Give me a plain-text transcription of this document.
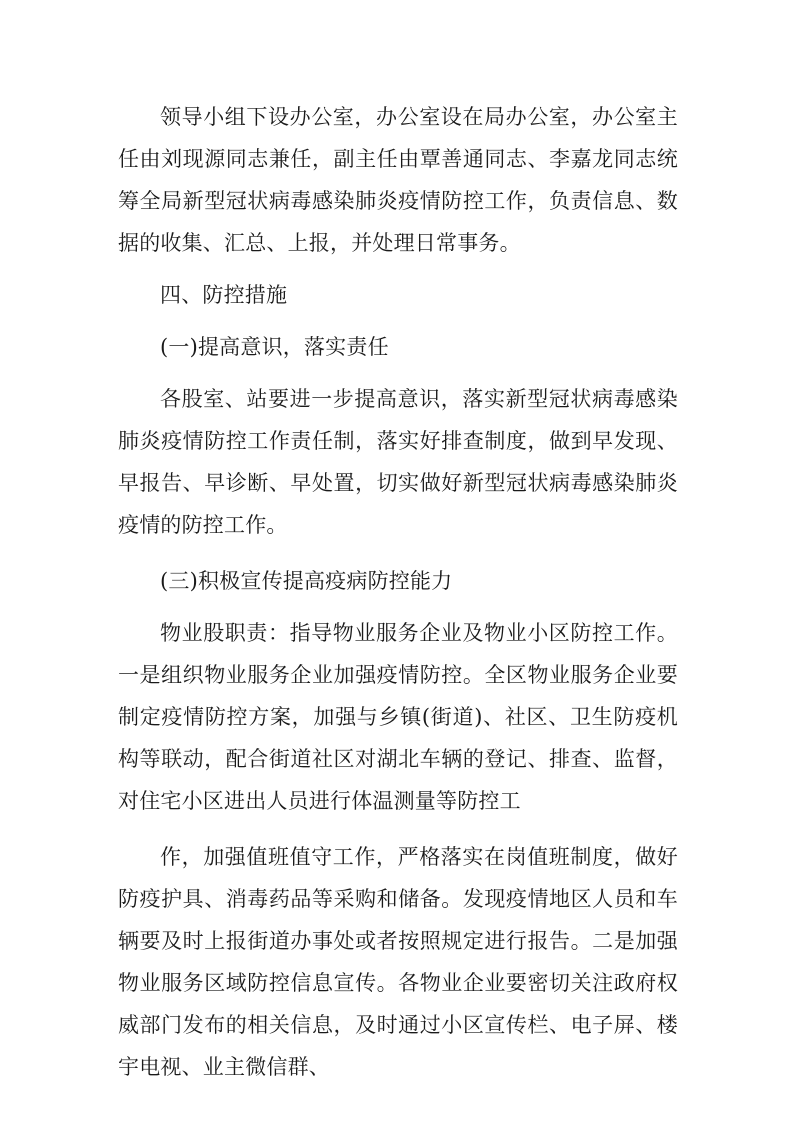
领导小组下设办公室，办公室设在局办公室，办公室主任由刘现源同志兼任，副主任由覃善通同志、李嘉龙同志统筹全局新型冠状病毒感染肺炎疫情防控工作，负责信息、数据的收集、汇总、上报，并处理日常事务。

四、防控措施

(一)提高意识，落实责任

各股室、站要进一步提高意识，落实新型冠状病毒感染肺炎疫情防控工作责任制，落实好排查制度，做到早发现、早报告、早诊断、早处置，切实做好新型冠状病毒感染肺炎疫情的防控工作。

(三)积极宣传提高疫病防控能力

物业股职责：指导物业服务企业及物业小区防控工作。一是组织物业服务企业加强疫情防控。全区物业服务企业要制定疫情防控方案，加强与乡镇(街道)、社区、卫生防疫机构等联动，配合街道社区对湖北车辆的登记、排查、监督，对住宅小区进出人员进行体温测量等防控工

作，加强值班值守工作，严格落实在岗值班制度，做好防疫护具、消毒药品等采购和储备。发现疫情地区人员和车辆要及时上报街道办事处或者按照规定进行报告。二是加强物业服务区域防控信息宣传。各物业企业要密切关注政府权威部门发布的相关信息，及时通过小区宣传栏、电子屏、楼宇电视、业主微信群、
